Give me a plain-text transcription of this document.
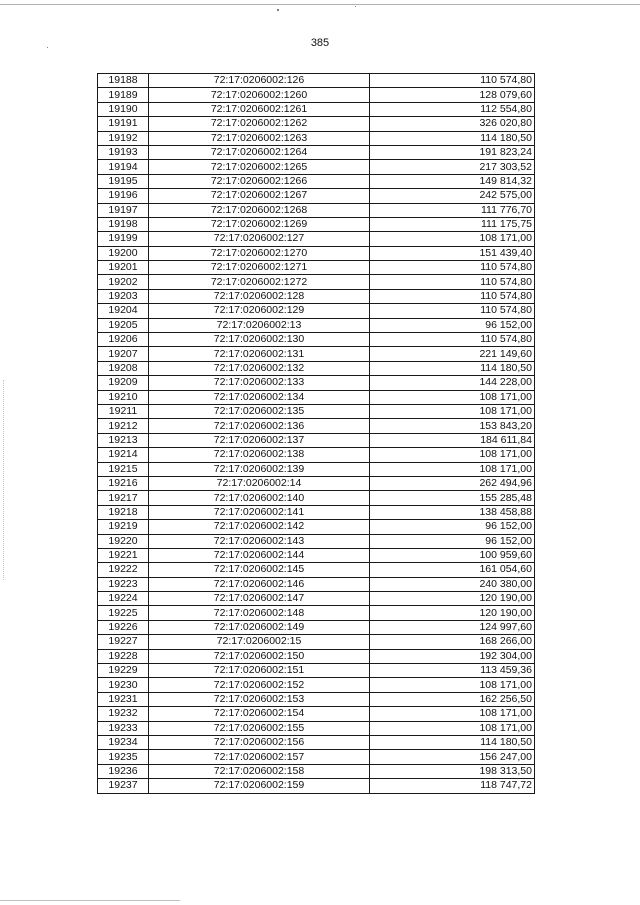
385
19188	72:17:0206002:126	110 574,80
19189	72:17:0206002:1260	128 079,60
19190	72:17:0206002:1261	112 554,80
19191	72:17:0206002:1262	326 020,80
19192	72:17:0206002:1263	114 180,50
19193	72:17:0206002:1264	191 823,24
19194	72:17:0206002:1265	217 303,52
19195	72:17:0206002:1266	149 814,32
19196	72:17:0206002:1267	242 575,00
19197	72:17:0206002:1268	111 776,70
19198	72:17:0206002:1269	111 175,75
19199	72:17:0206002:127	108 171,00
19200	72:17:0206002:1270	151 439,40
19201	72:17:0206002:1271	110 574,80
19202	72:17:0206002:1272	110 574,80
19203	72:17:0206002:128	110 574,80
19204	72:17:0206002:129	110 574,80
19205	72:17:0206002:13	96 152,00
19206	72:17:0206002:130	110 574,80
19207	72:17:0206002:131	221 149,60
19208	72:17:0206002:132	114 180,50
19209	72:17:0206002:133	144 228,00
19210	72:17:0206002:134	108 171,00
19211	72:17:0206002:135	108 171,00
19212	72:17:0206002:136	153 843,20
19213	72:17:0206002:137	184 611,84
19214	72:17:0206002:138	108 171,00
19215	72:17:0206002:139	108 171,00
19216	72:17:0206002:14	262 494,96
19217	72:17:0206002:140	155 285,48
19218	72:17:0206002:141	138 458,88
19219	72:17:0206002:142	96 152,00
19220	72:17:0206002:143	96 152,00
19221	72:17:0206002:144	100 959,60
19222	72:17:0206002:145	161 054,60
19223	72:17:0206002:146	240 380,00
19224	72:17:0206002:147	120 190,00
19225	72:17:0206002:148	120 190,00
19226	72:17:0206002:149	124 997,60
19227	72:17:0206002:15	168 266,00
19228	72:17:0206002:150	192 304,00
19229	72:17:0206002:151	113 459,36
19230	72:17:0206002:152	108 171,00
19231	72:17:0206002:153	162 256,50
19232	72:17:0206002:154	108 171,00
19233	72:17:0206002:155	108 171,00
19234	72:17:0206002:156	114 180,50
19235	72:17:0206002:157	156 247,00
19236	72:17:0206002:158	198 313,50
19237	72:17:0206002:159	118 747,72
